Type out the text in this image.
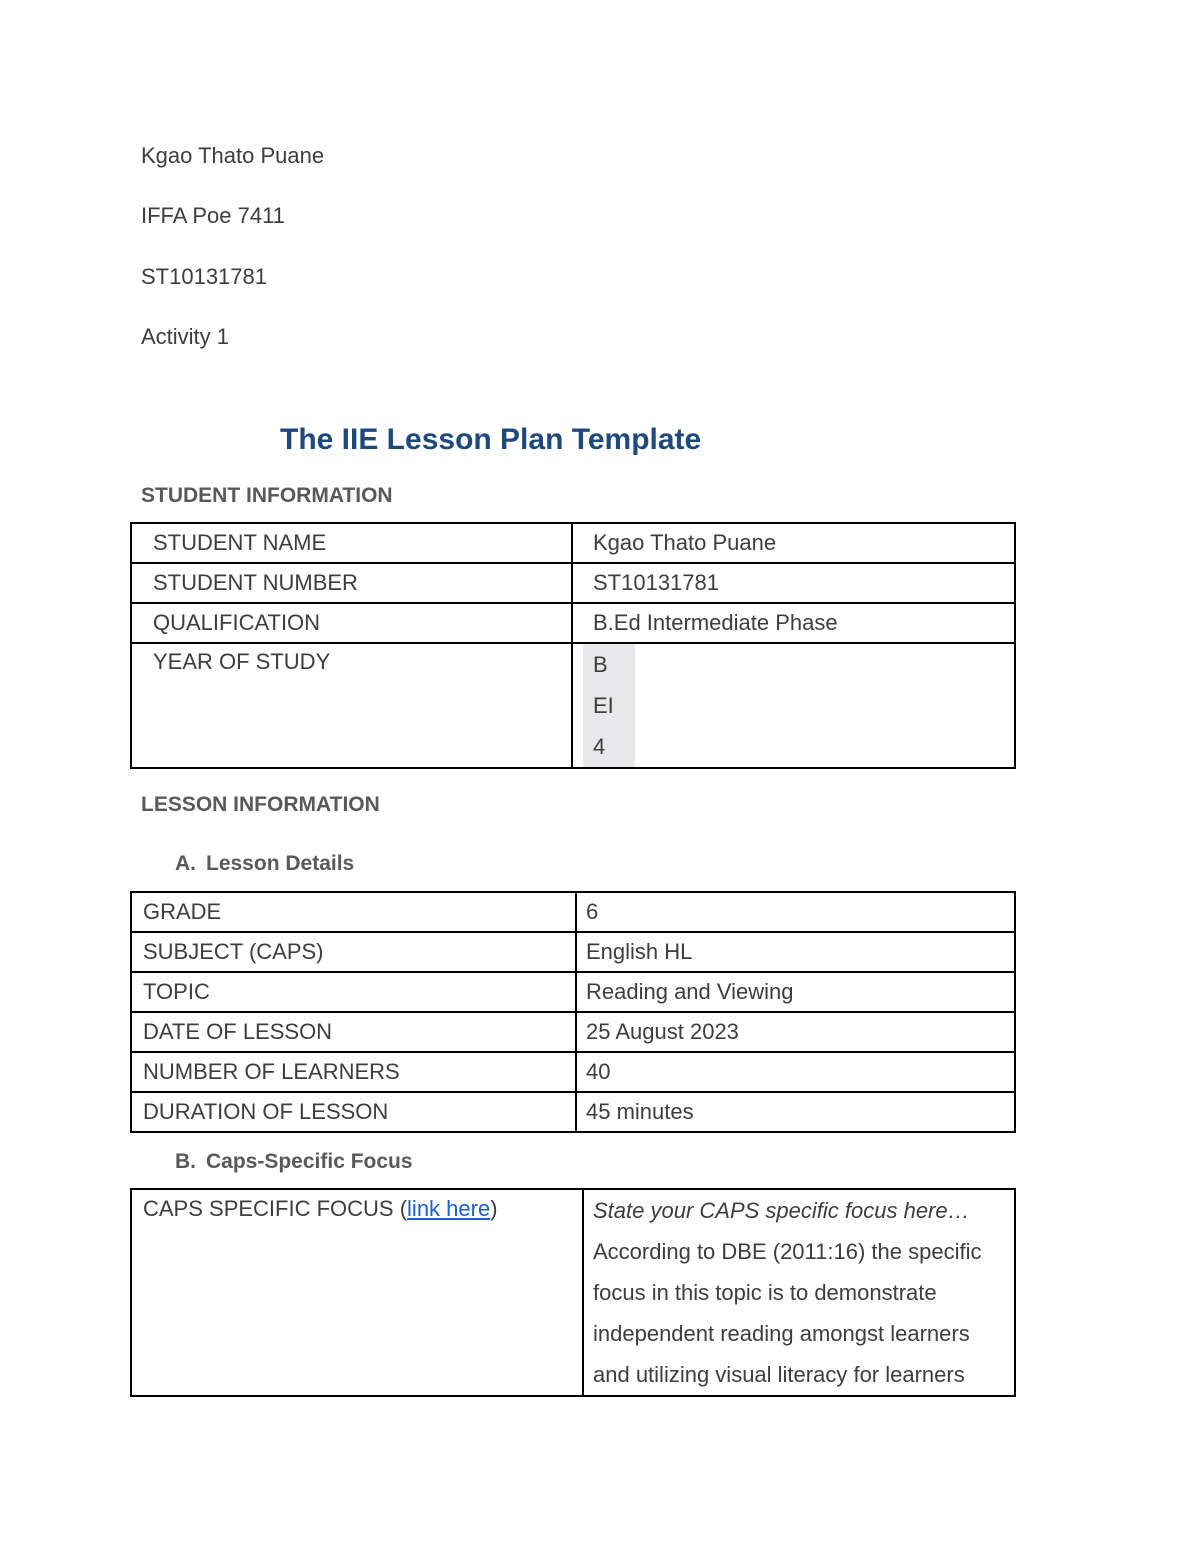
Kgao Thato Puane
IFFA Poe 7411
ST10131781
Activity 1
The IIE Lesson Plan Template
STUDENT INFORMATION
STUDENT NAME	Kgao Thato Puane
STUDENT NUMBER	ST10131781
QUALIFICATION	B.Ed Intermediate Phase
YEAR OF STUDY	B
EI
4
LESSON INFORMATION
A. Lesson Details
GRADE	6
SUBJECT (CAPS)	English HL
TOPIC	Reading and Viewing
DATE OF LESSON	25 August 2023
NUMBER OF LEARNERS	40
DURATION OF LESSON	45 minutes
B. Caps-Specific Focus
CAPS SPECIFIC FOCUS (link here)	State your CAPS specific focus here…
According to DBE (2011:16) the specific
focus in this topic is to demonstrate
independent reading amongst learners
and utilizing visual literacy for learners
